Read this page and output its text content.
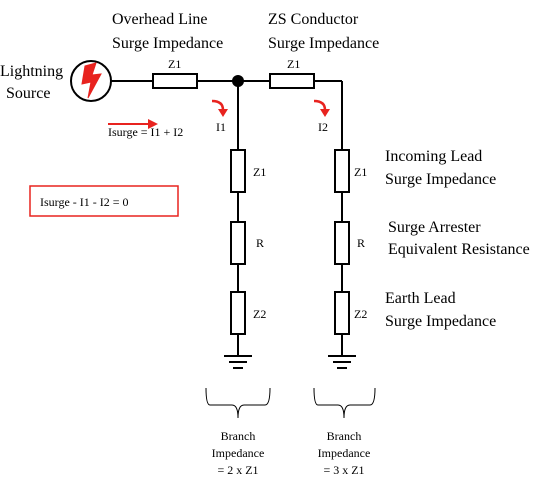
Overhead Line
Surge Impedance
ZS Conductor
Surge Impedance
Lightning
Source
Z1	Z1
Isurge = I1 + I2
Isurge - I1 - I2 = 0
Z1
R
Z2
I1
Z1
R
Z2
I2
Incoming Lead
Surge Impedance
Surge Arrester
Equivalent Resistance
Earth Lead
Surge Impedance
Branch
Impedance
= 2 x Z1
Branch
Impedance
= 3 x Z1
